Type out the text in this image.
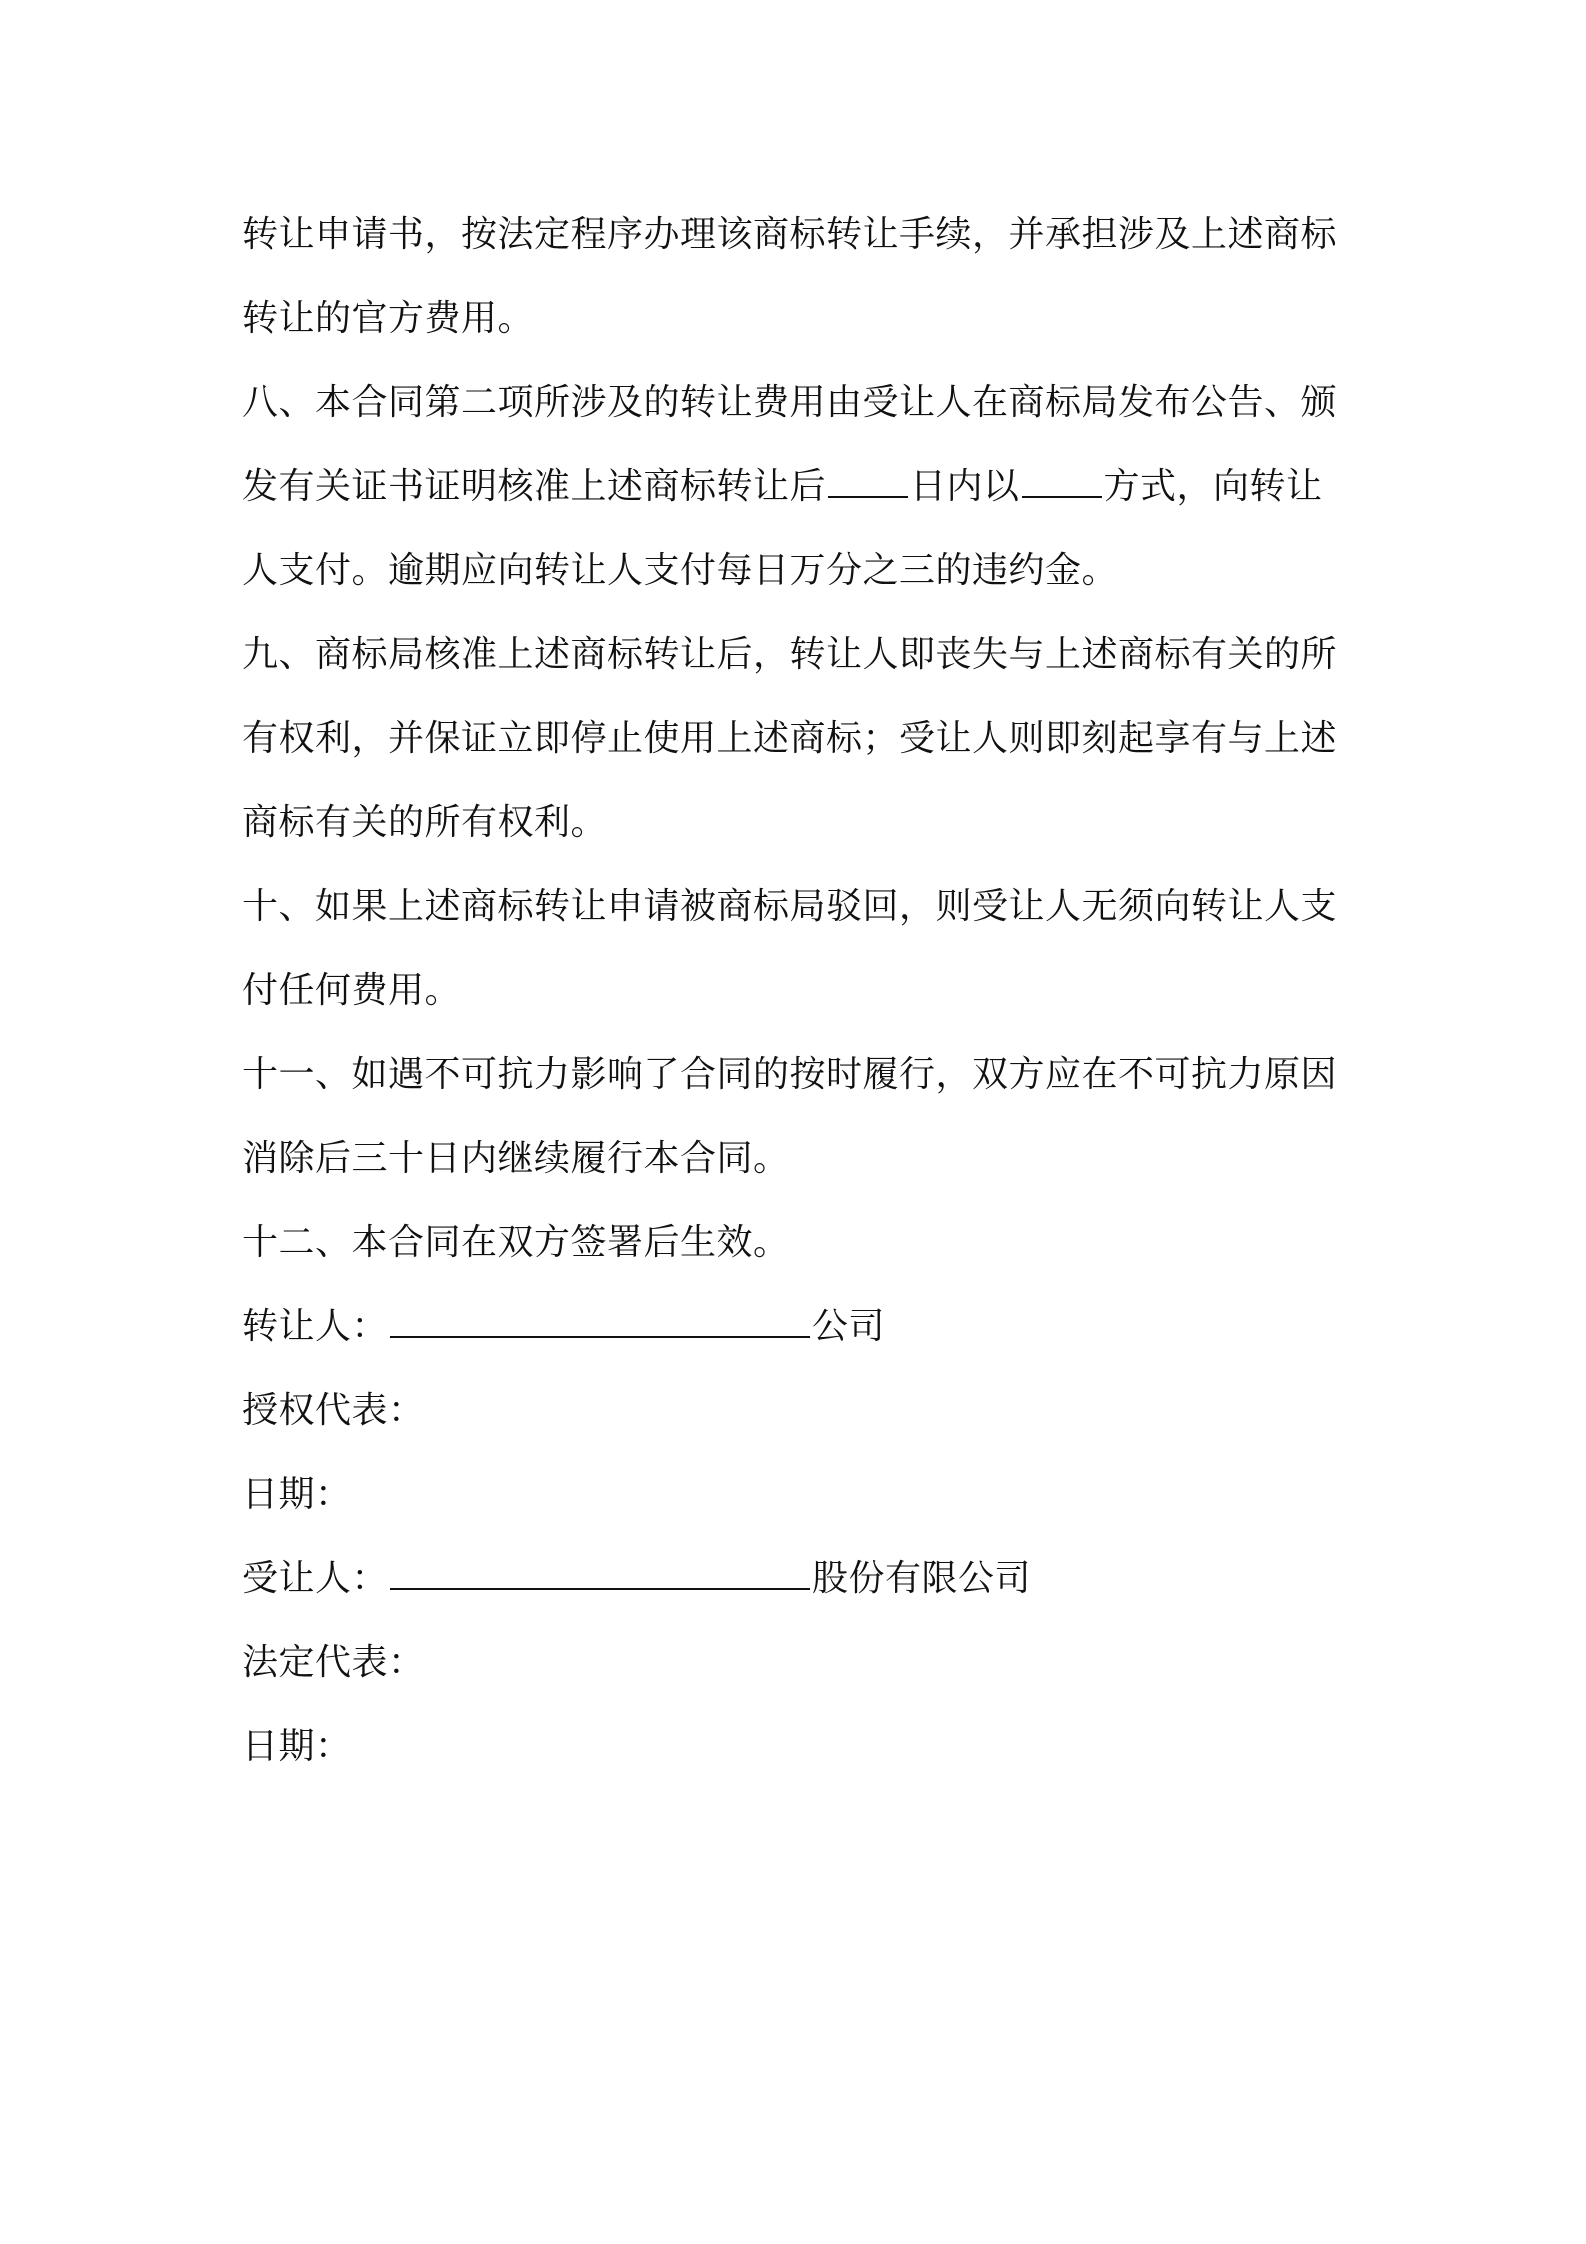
转让申请书，按法定程序办理该商标转让手续，并承担涉及上述商标
转让的官方费用。
八、本合同第二项所涉及的转让费用由受让人在商标局发布公告、颁
发有关证书证明核准上述商标转让后 日内以 方式，向转让
人支付。逾期应向转让人支付每日万分之三的违约金。
九、商标局核准上述商标转让后，转让人即丧失与上述商标有关的所
有权利，并保证立即停止使用上述商标；受让人则即刻起享有与上述
商标有关的所有权利。
十、如果上述商标转让申请被商标局驳回，则受让人无须向转让人支
付任何费用。
十一、如遇不可抗力影响了合同的按时履行，双方应在不可抗力原因
消除后三十日内继续履行本合同。
十二、本合同在双方签署后生效。
转让人：	公司
授权代表：
日期：
受让人：	股份有限公司
法定代表：
日期：
